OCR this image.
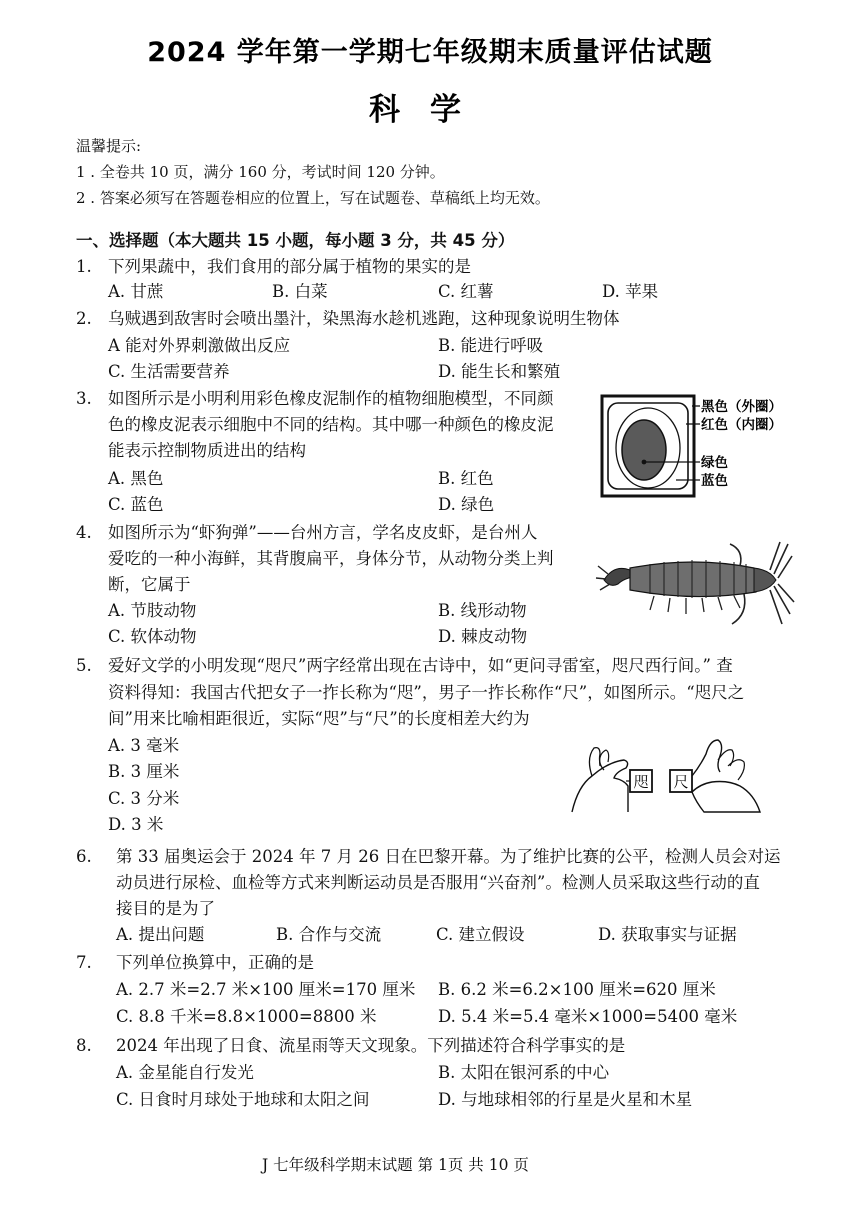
2024 学年第一学期七年级期末质量评估试题
科学
温馨提示:
1 . 全卷共 10 页，满分 160 分，考试时间 120 分钟。
2 . 答案必须写在答题卷相应的位置上，写在试题卷、草稿纸上均无效。
一、选择题（本大题共 15 小题，每小题 3 分，共 45 分）
1. 下列果蔬中，我们食用的部分属于植物的果实的是
A. 甘蔗	B. 白菜	C. 红薯	D. 苹果
2. 乌贼遇到敌害时会喷出墨汁，染黑海水趁机逃跑，这种现象说明生物体
A 能对外界刺激做出反应	B. 能进行呼吸
C. 生活需要营养	D. 能生长和繁殖
3. 如图所示是小明利用彩色橡皮泥制作的植物细胞模型，不同颜
色的橡皮泥表示细胞中不同的结构。其中哪一种颜色的橡皮泥
能表示控制物质进出的结构
A. 黑色	B. 红色
C. 蓝色	D. 绿色
黑色（外圈）
红色（内圈）
绿色
蓝色
4. 如图所示为“虾狗弹”——台州方言，学名皮皮虾，是台州人
爱吃的一种小海鲜，其背腹扁平，身体分节，从动物分类上判
断，它属于
A. 节肢动物	B. 线形动物
C. 软体动物	D. 棘皮动物
5. 爱好文学的小明发现“咫尺”两字经常出现在古诗中，如“更问寻雷室，咫尺西行间。” 查
资料得知：我国古代把女子一拃长称为“咫”，男子一拃长称作“尺”，如图所示。“咫尺之
间”用来比喻相距很近，实际“咫”与“尺”的长度相差大约为
A. 3 毫米
B. 3 厘米
C. 3 分米
D. 3 米
咫 尺
6. 第 33 届奥运会于 2024 年 7 月 26 日在巴黎开幕。为了维护比赛的公平，检测人员会对运
动员进行尿检、血检等方式来判断运动员是否服用“兴奋剂”。检测人员采取这些行动的直
接目的是为了
A. 提出问题	B. 合作与交流	C. 建立假设	D. 获取事实与证据
7. 下列单位换算中，正确的是
A. 2.7 米=2.7 米×100 厘米=170 厘米 B. 6.2 米=6.2×100 厘米=620 厘米
C. 8.8 千米=8.8×1000=8800 米	D. 5.4 米=5.4 毫米×1000=5400 毫米
8. 2024 年出现了日食、流星雨等天文现象。下列描述符合科学事实的是
A. 金星能自行发光	B. 太阳在银河系的中心
C. 日食时月球处于地球和太阳之间	D. 与地球相邻的行星是火星和木星
J 七年级科学期末试题 第 1页 共 10 页
